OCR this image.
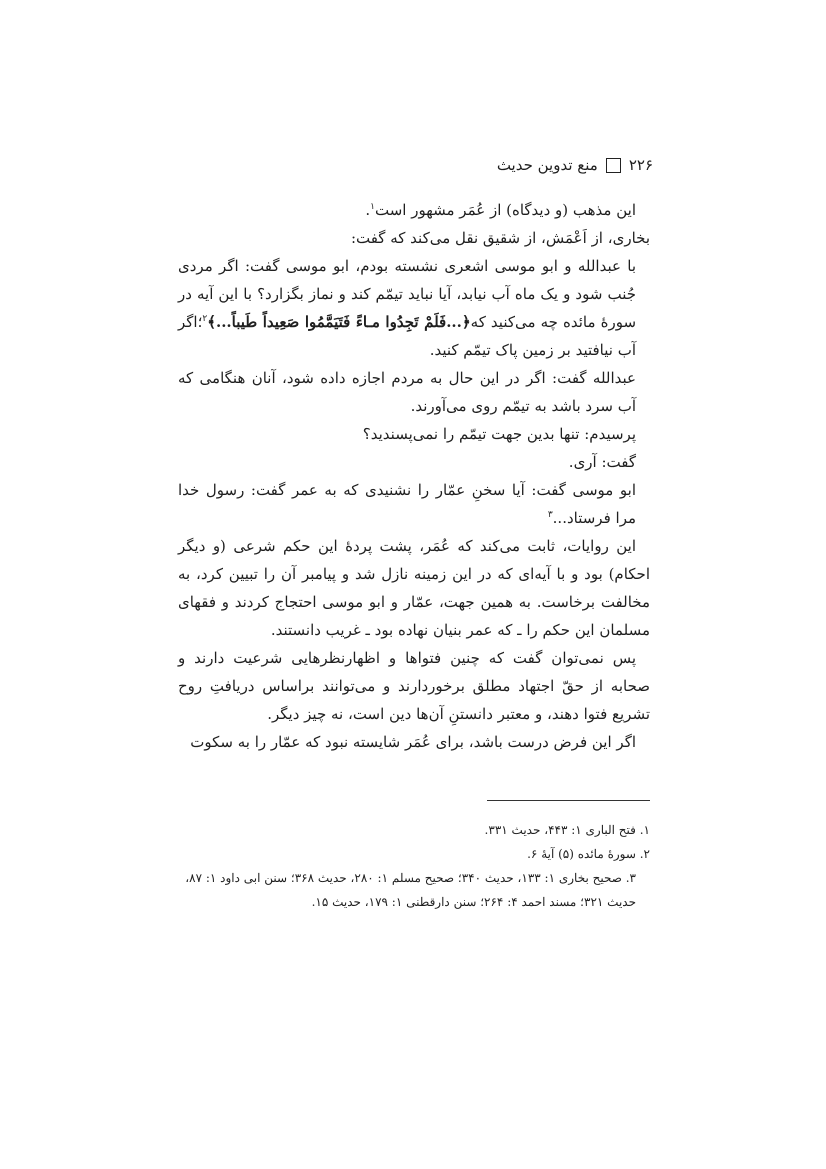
۲۲۶
منع تدوین حدیث

این مذهب (و دیدگاه) از عُمَر مشهور است$^۱$.

بخاری، از اَعْمَش، از شقیق نقل می‌کند که گفت:

با عبدالله و ابو موسی اشعری نشسته بودم، ابو موسی گفت: اگر مردی جُنب شود و یک ماه آب نیابد، آیا نباید تیمّم کند و نماز بگزارد؟ با این آیه در سورهٔ مائده چه می‌کنید که﴿...فَلَمْ تَجِدُوا مـاءً فَتَيَمَّمُوا صَعِيداً طَيباً...﴾$^۲$؛اگر آب نیافتید بر زمین پاک تیمّم کنید.

عبدالله گفت: اگر در این حال به مردم اجازه داده شود، آنان هنگامی که آب سرد باشد به تیمّم روی می‌آورند.

پرسیدم: تنها بدین جهت تیمّم را نمی‌پسندید؟

گفت: آری.

ابو موسی گفت: آیا سخنِ عمّار را نشنیدی که به عمر گفت: رسول خدا مرا فرستاد...$^۳$

این روایات، ثابت می‌کند که عُمَر، پشت پردهٔ این حکم شرعی (و دیگر احکام) بود و با آیه‌ای که در این زمینه نازل شد و پیامبر آن را تبیین کرد، به مخالفت برخاست. به همین جهت، عمّار و ابو موسی احتجاج کردند و فقهای مسلمان این حکم را ـ که عمر بنیان نهاده بود ـ غریب دانستند.

پس نمی‌توان گفت که چنین فتواها و اظهارنظرهایی شرعیت دارند و صحابه از حقّ اجتهاد مطلق برخوردارند و می‌توانند براساس دریافتِ روح تشریع فتوا دهند، و معتبر دانستنِ آن‌ها دین است، نه چیز دیگر.

اگر این فرض درست باشد، برای عُمَر شایسته نبود که عمّار را به سکوت

۱. فتح الباری ۱: ۴۴۳، حدیث ۳۳۱.

۲. سورهٔ مائده (۵) آیهٔ ۶.

۳. صحیح بخاری ۱: ۱۳۳، حدیث ۳۴۰؛ صحیح مسلم ۱: ۲۸۰، حدیث ۳۶۸؛ سنن ابی داود ۱: ۸۷، حدیث ۳۲۱؛ مسند احمد ۴: ۲۶۴؛ سنن دارقطنی ۱: ۱۷۹، حدیث ۱۵.
